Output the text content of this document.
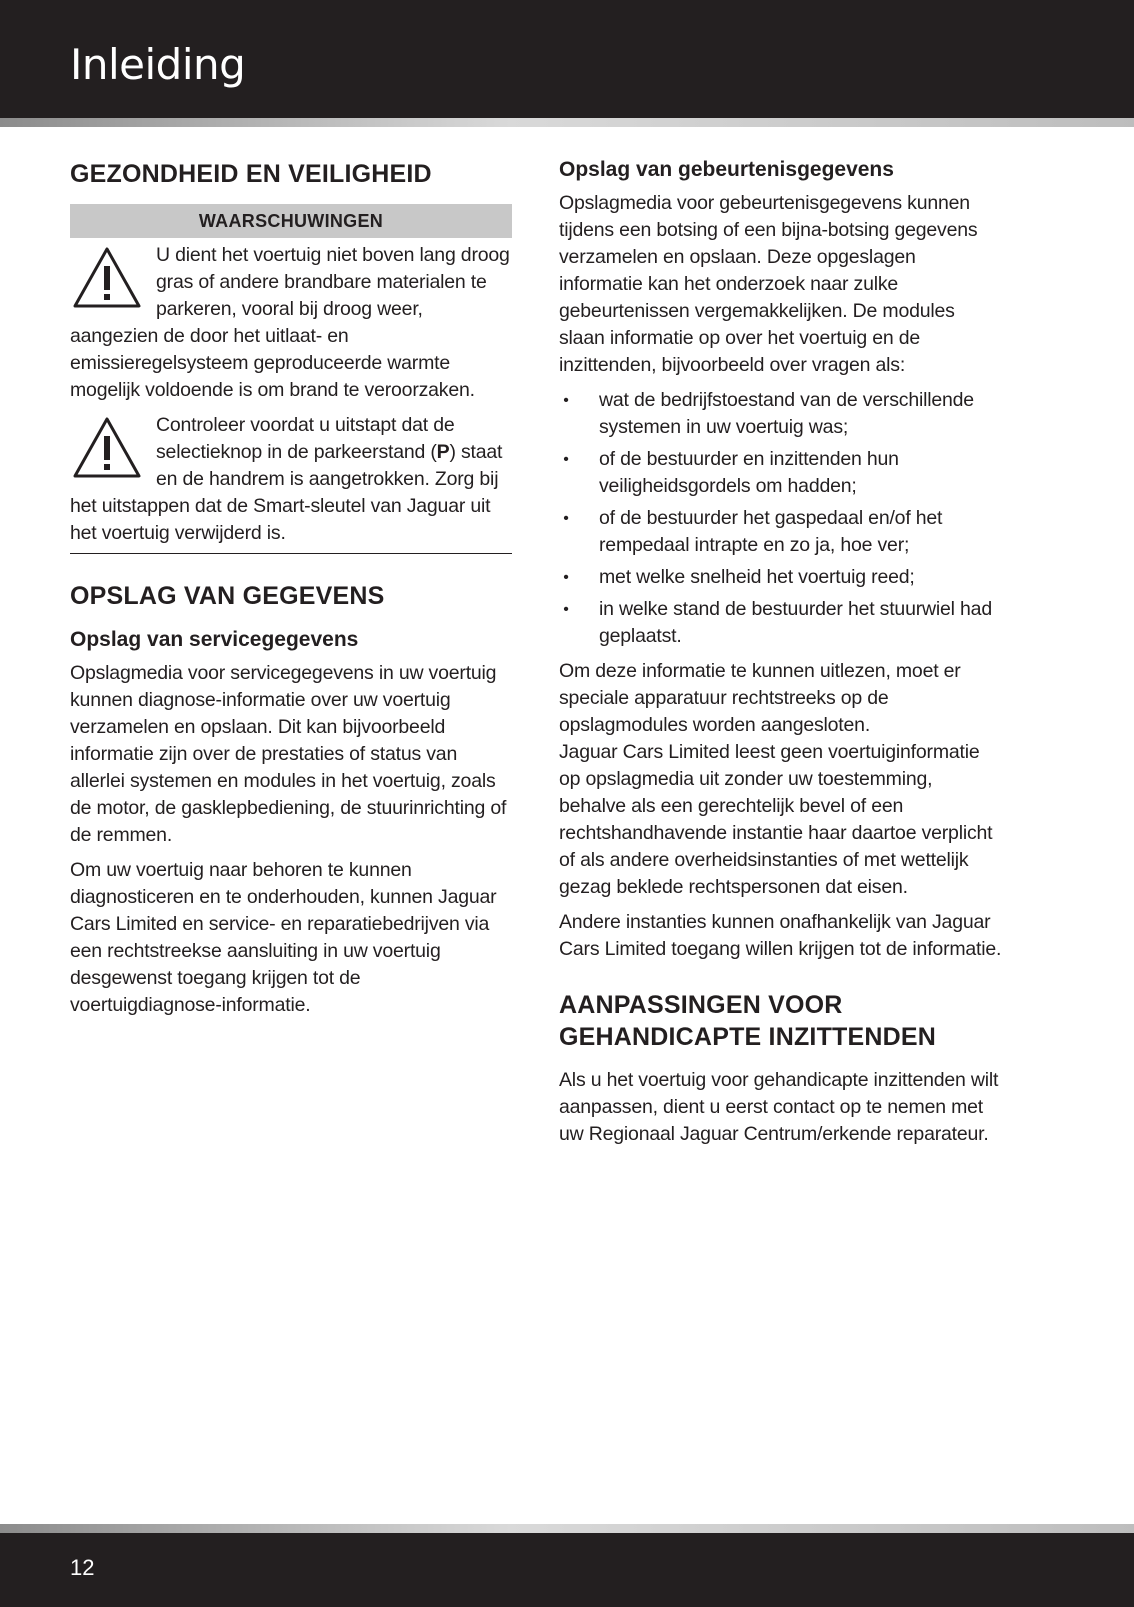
Inleiding
GEZONDHEID EN VEILIGHEID
WAARSCHUWINGEN

U dient het voertuig niet boven lang droog gras of andere brandbare materialen te parkeren, vooral bij droog weer, aangezien de door het uitlaat- en emissieregelsysteem geproduceerde warmte mogelijk voldoende is om brand te veroorzaken.

Controleer voordat u uitstapt dat de selectieknop in de parkeerstand (P) staat en de handrem is aangetrokken. Zorg bij het uitstappen dat de Smart-sleutel van Jaguar uit het voertuig verwijderd is.

OPSLAG VAN GEGEVENS
Opslag van servicegegevens

Opslagmedia voor servicegegevens in uw voertuig kunnen diagnose-informatie over uw voertuig verzamelen en opslaan. Dit kan bijvoorbeeld informatie zijn over de prestaties of status van allerlei systemen en modules in het voertuig, zoals de motor, de gasklepbediening, de stuurinrichting of de remmen.

Om uw voertuig naar behoren te kunnen diagnosticeren en te onderhouden, kunnen Jaguar Cars Limited en service- en reparatiebedrijven via een rechtstreekse aansluiting in uw voertuig desgewenst toegang krijgen tot de voertuigdiagnose-informatie.

Opslag van gebeurtenisgegevens

Opslagmedia voor gebeurtenisgegevens kunnen tijdens een botsing of een bijna-botsing gegevens verzamelen en opslaan. Deze opgeslagen informatie kan het onderzoek naar zulke gebeurtenissen vergemakkelijken. De modules slaan informatie op over het voertuig en de inzittenden, bijvoorbeeld over vragen als:

• wat de bedrijfstoestand van de verschillende systemen in uw voertuig was;
• of de bestuurder en inzittenden hun veiligheidsgordels om hadden;
• of de bestuurder het gaspedaal en/of het rempedaal intrapte en zo ja, hoe ver;
• met welke snelheid het voertuig reed;
• in welke stand de bestuurder het stuurwiel had geplaatst.

Om deze informatie te kunnen uitlezen, moet er speciale apparatuur rechtstreeks op de opslagmodules worden aangesloten.

Jaguar Cars Limited leest geen voertuiginformatie op opslagmedia uit zonder uw toestemming, behalve als een gerechtelijk bevel of een rechtshandhavende instantie haar daartoe verplicht of als andere overheidsinstanties of met wettelijk gezag beklede rechtspersonen dat eisen.

Andere instanties kunnen onafhankelijk van Jaguar Cars Limited toegang willen krijgen tot de informatie.

AANPASSINGEN VOOR GEHANDICAPTE INZITTENDEN

Als u het voertuig voor gehandicapte inzittenden wilt aanpassen, dient u eerst contact op te nemen met uw Regionaal Jaguar Centrum/erkende reparateur.

12
